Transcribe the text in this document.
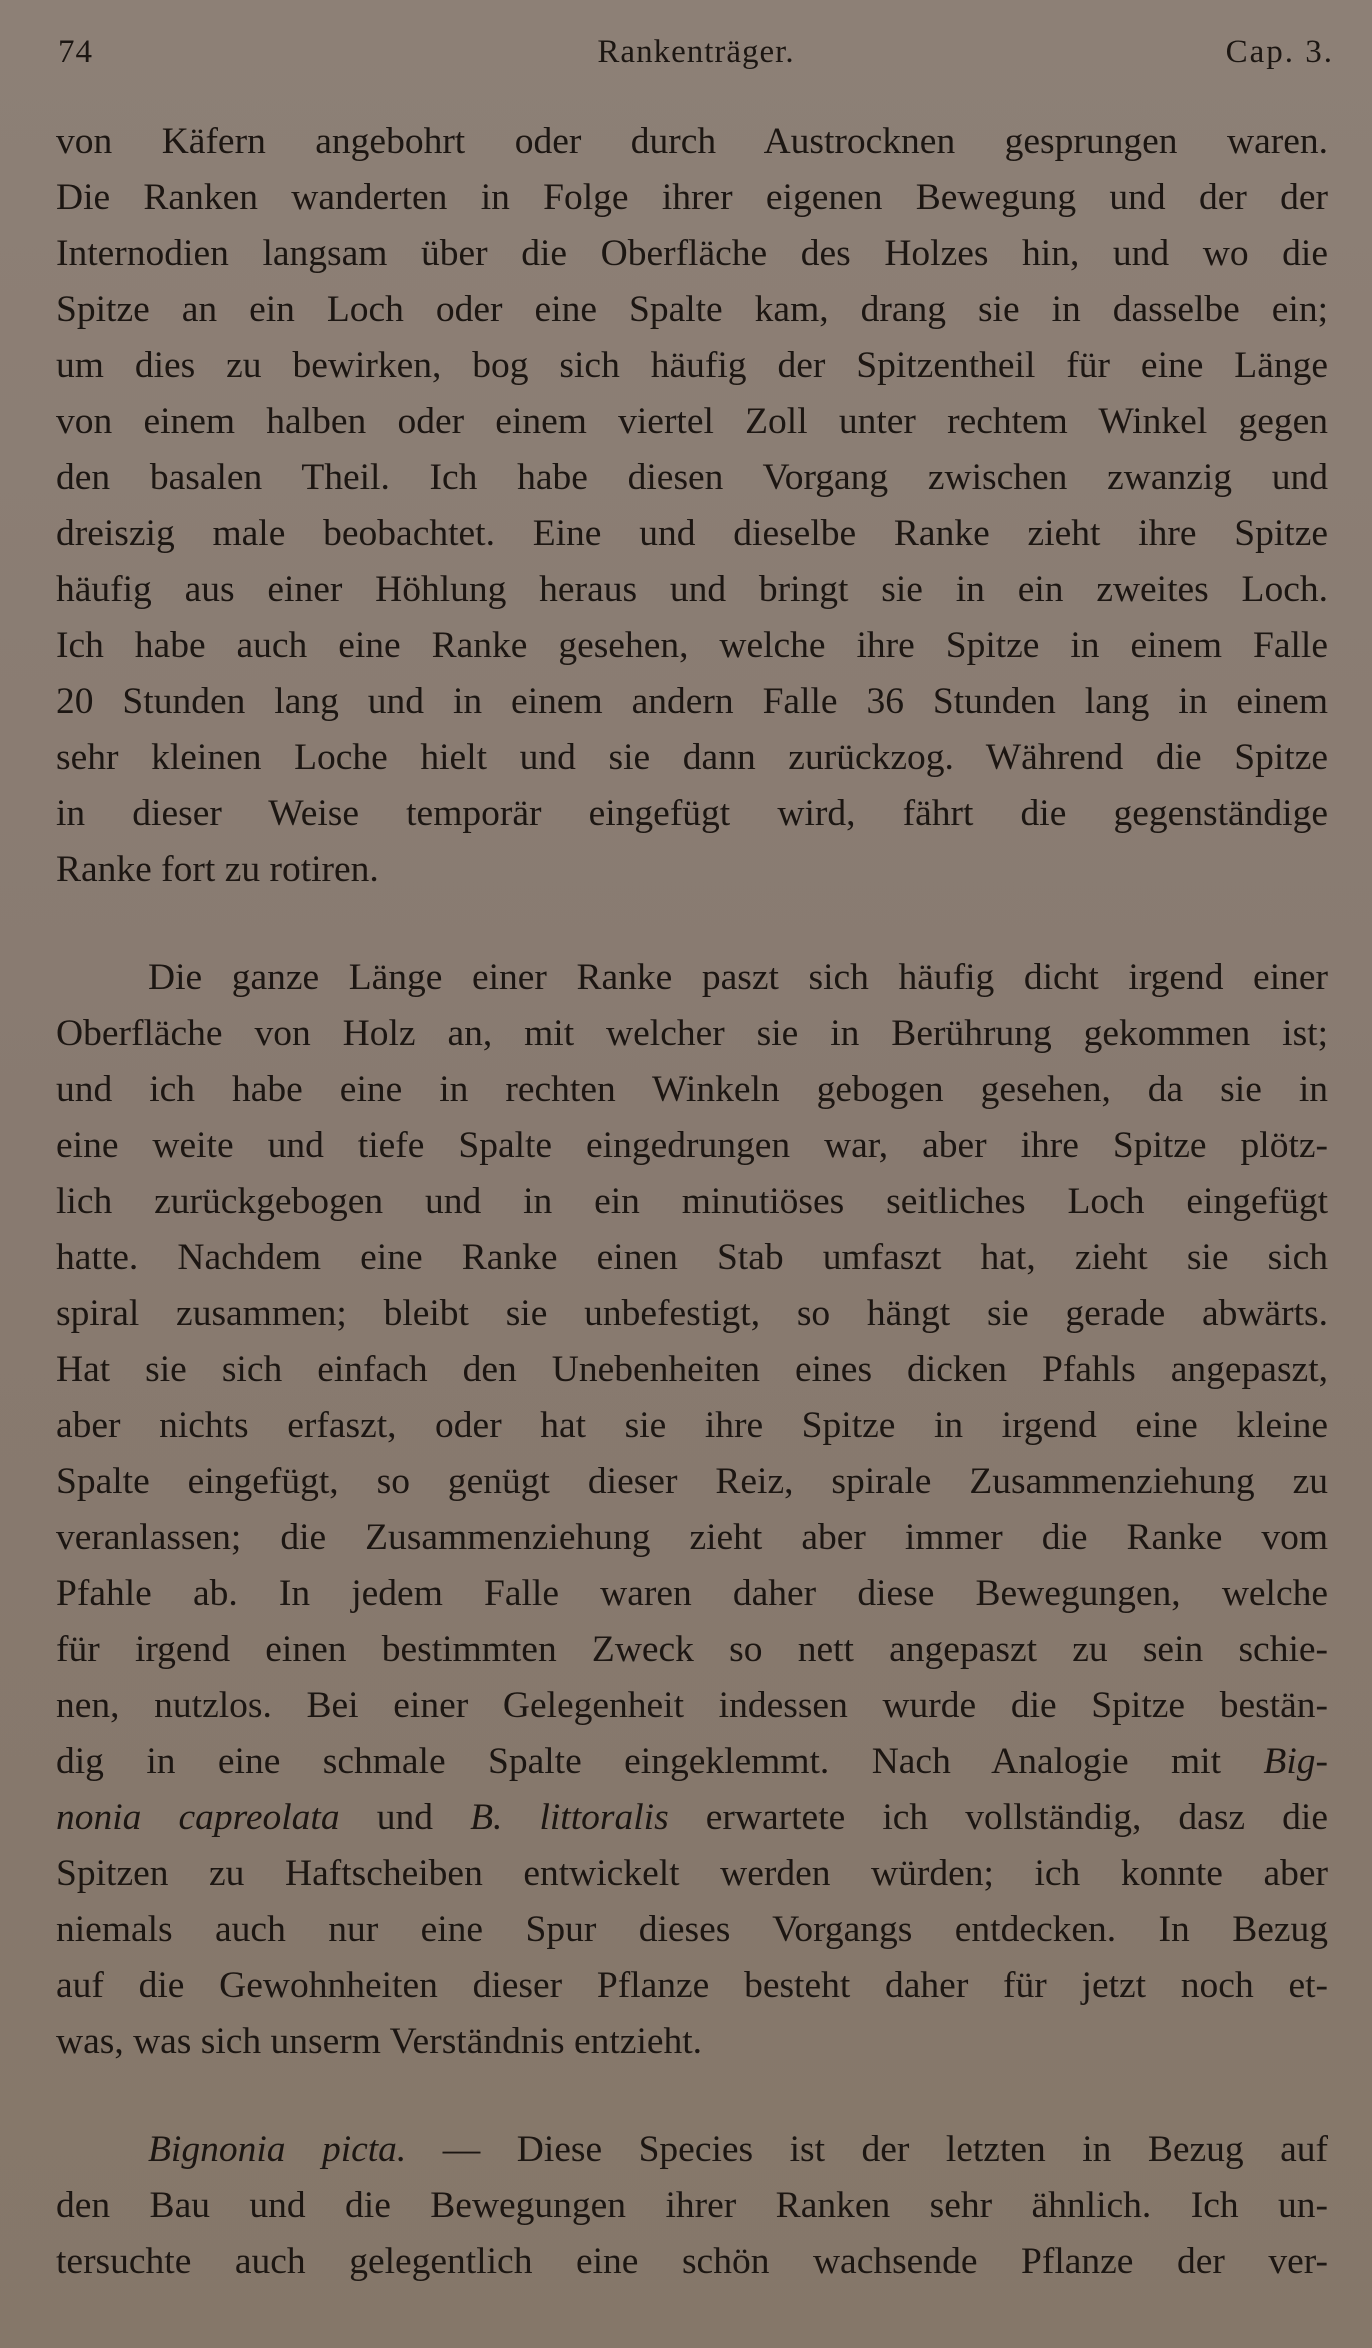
74	Rankenträger.	Cap. 3.
von Käfern angebohrt oder durch Austrocknen gesprungen waren.
Die Ranken wanderten in Folge ihrer eigenen Bewegung und der der
Internodien langsam über die Oberfläche des Holzes hin, und wo die
Spitze an ein Loch oder eine Spalte kam, drang sie in dasselbe ein;
um dies zu bewirken, bog sich häufig der Spitzentheil für eine Länge
von einem halben oder einem viertel Zoll unter rechtem Winkel gegen
den basalen Theil. Ich habe diesen Vorgang zwischen zwanzig und
dreiszig male beobachtet. Eine und dieselbe Ranke zieht ihre Spitze
häufig aus einer Höhlung heraus und bringt sie in ein zweites Loch.
Ich habe auch eine Ranke gesehen, welche ihre Spitze in einem Falle
20 Stunden lang und in einem andern Falle 36 Stunden lang in einem
sehr kleinen Loche hielt und sie dann zurückzog. Während die Spitze
in dieser Weise temporär eingefügt wird, fährt die gegenständige
Ranke fort zu rotiren.
Die ganze Länge einer Ranke paszt sich häufig dicht irgend einer
Oberfläche von Holz an, mit welcher sie in Berührung gekommen ist;
und ich habe eine in rechten Winkeln gebogen gesehen, da sie in
eine weite und tiefe Spalte eingedrungen war, aber ihre Spitze plötz-
lich zurückgebogen und in ein minutiöses seitliches Loch eingefügt
hatte. Nachdem eine Ranke einen Stab umfaszt hat, zieht sie sich
spiral zusammen; bleibt sie unbefestigt, so hängt sie gerade abwärts.
Hat sie sich einfach den Unebenheiten eines dicken Pfahls angepaszt,
aber nichts erfaszt, oder hat sie ihre Spitze in irgend eine kleine
Spalte eingefügt, so genügt dieser Reiz, spirale Zusammenziehung zu
veranlassen; die Zusammenziehung zieht aber immer die Ranke vom
Pfahle ab. In jedem Falle waren daher diese Bewegungen, welche
für irgend einen bestimmten Zweck so nett angepaszt zu sein schie-
nen, nutzlos. Bei einer Gelegenheit indessen wurde die Spitze bestän-
dig in eine schmale Spalte eingeklemmt. Nach Analogie mit Big-
nonia capreolata und B. littoralis erwartete ich vollständig, dasz die
Spitzen zu Haftscheiben entwickelt werden würden; ich konnte aber
niemals auch nur eine Spur dieses Vorgangs entdecken. In Bezug
auf die Gewohnheiten dieser Pflanze besteht daher für jetzt noch et-
was, was sich unserm Verständnis entzieht.
Bignonia picta. — Diese Species ist der letzten in Bezug auf
den Bau und die Bewegungen ihrer Ranken sehr ähnlich. Ich un-
tersuchte auch gelegentlich eine schön wachsende Pflanze der ver-
